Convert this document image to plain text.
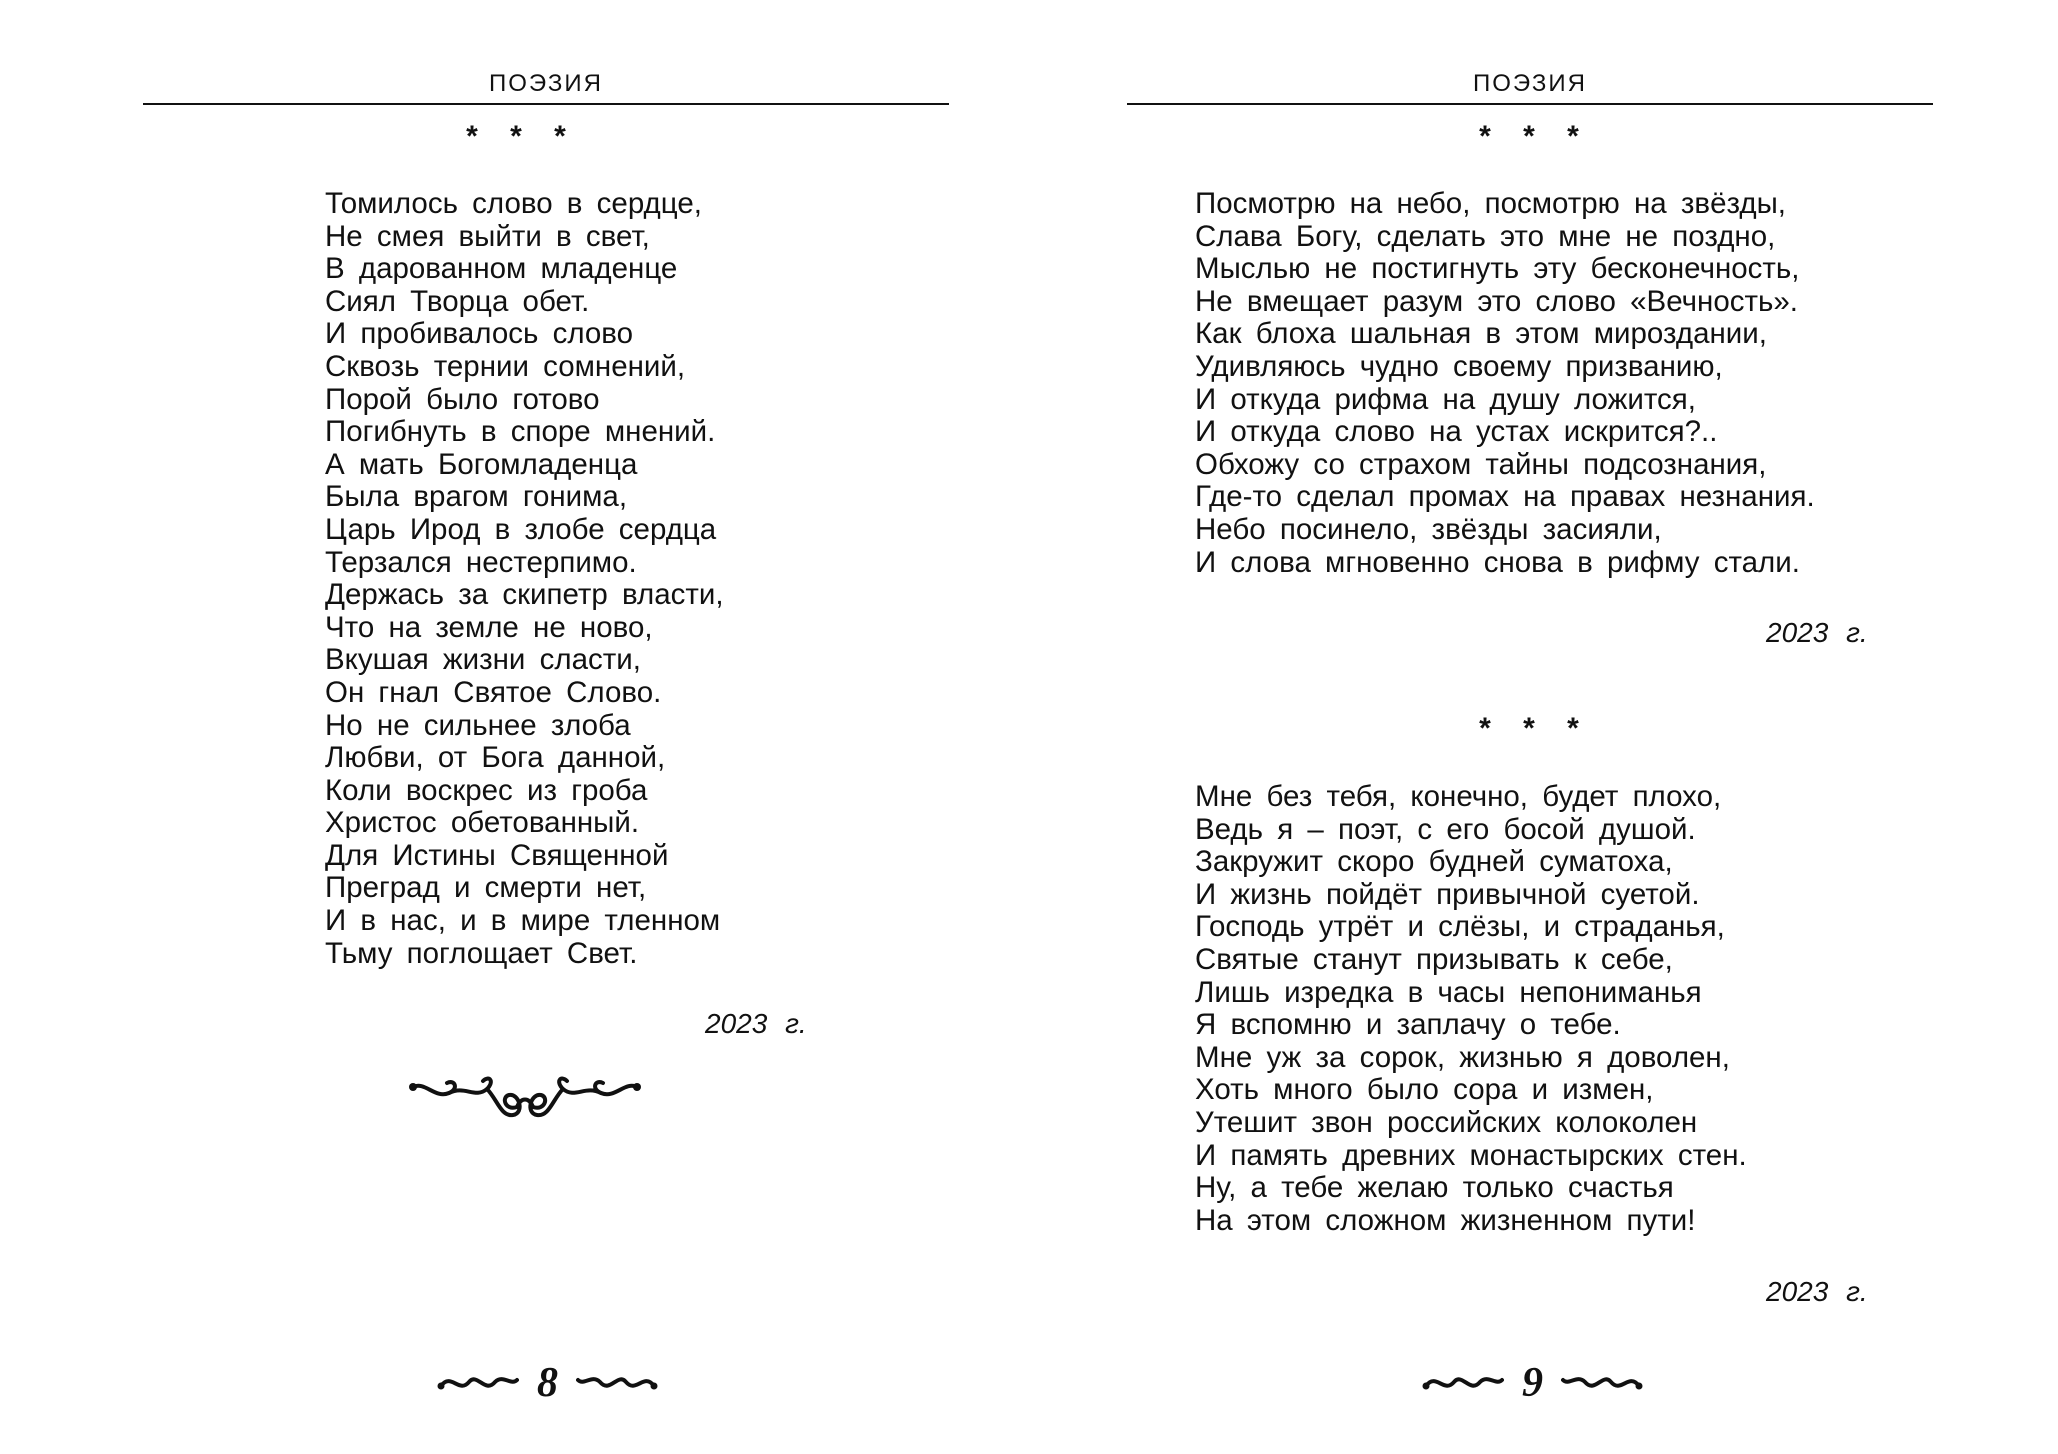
ПОЭЗИЯ
* * *
Томилось слово в сердце,
Не смея выйти в свет,
В дарованном младенце
Сиял Творца обет.
И пробивалось слово
Сквозь тернии сомнений,
Порой было готово
Погибнуть в споре мнений.
А мать Богомладенца
Была врагом гонима,
Царь Ирод в злобе сердца
Терзался нестерпимо.
Держась за скипетр власти,
Что на земле не ново,
Вкушая жизни сласти,
Он гнал Святое Слово.
Но не сильнее злоба
Любви, от Бога данной,
Коли воскрес из гроба
Христос обетованный.
Для Истины Священной
Преград и смерти нет,
И в нас, и в мире тленном
Тьму поглощает Свет.
2023 г.
8
ПОЭЗИЯ
* * *
Посмотрю на небо, посмотрю на звёзды,
Слава Богу, сделать это мне не поздно,
Мыслью не постигнуть эту бесконечность,
Не вмещает разум это слово «Вечность».
Как блоха шальная в этом мироздании,
Удивляюсь чудно своему призванию,
И откуда рифма на душу ложится,
И откуда слово на устах искрится?..
Обхожу со страхом тайны подсознания,
Где-то сделал промах на правах незнания.
Небо посинело, звёзды засияли,
И слова мгновенно снова в рифму стали.
2023 г.
* * *
Мне без тебя, конечно, будет плохо,
Ведь я – поэт, с его босой душой.
Закружит скоро будней суматоха,
И жизнь пойдёт привычной суетой.
Господь утрёт и слёзы, и страданья,
Святые станут призывать к себе,
Лишь изредка в часы непониманья
Я вспомню и заплачу о тебе.
Мне уж за сорок, жизнью я доволен,
Хоть много было сора и измен,
Утешит звон российских колоколен
И память древних монастырских стен.
Ну, а тебе желаю только счастья
На этом сложном жизненном пути!
2023 г.
9
